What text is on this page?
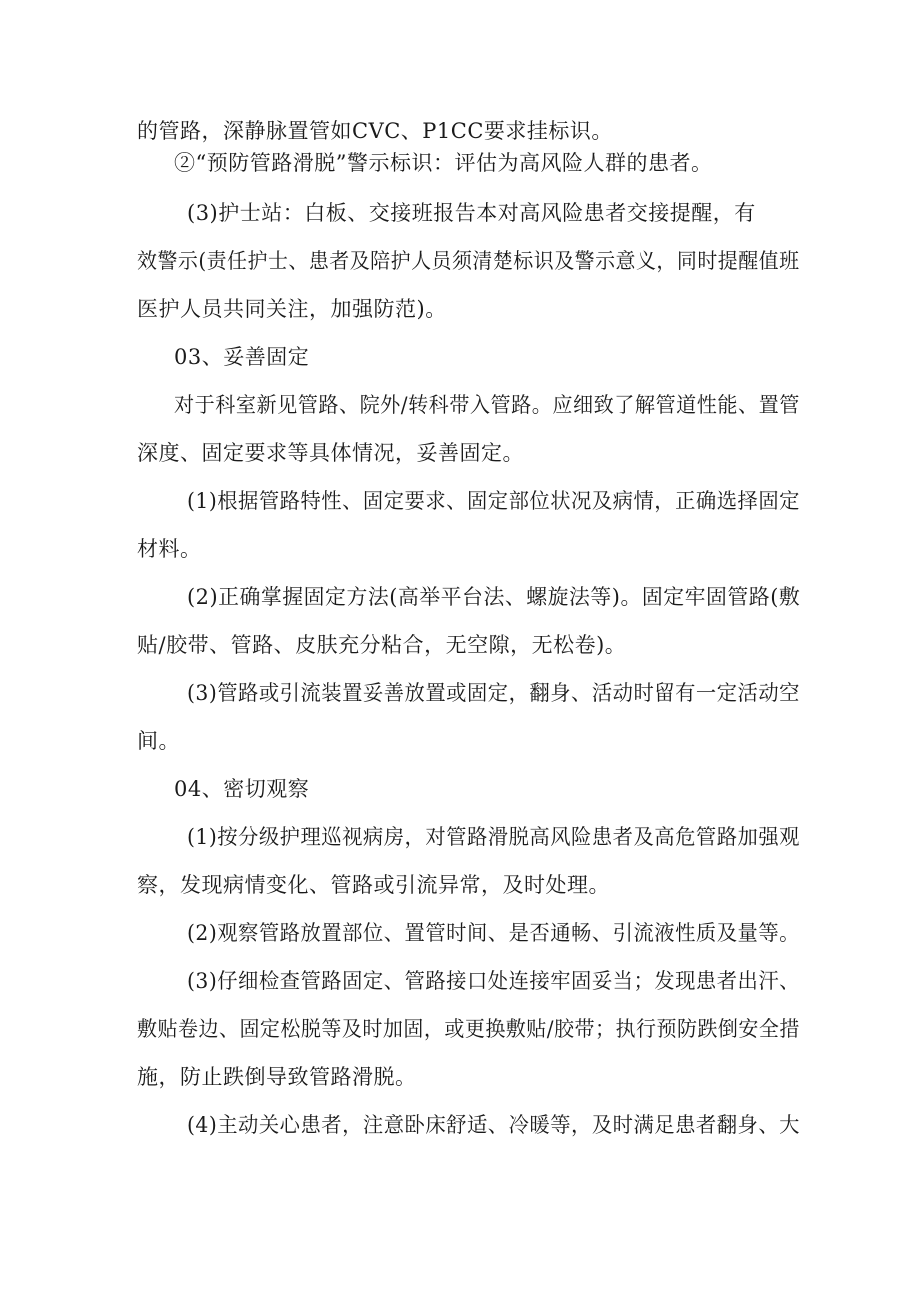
的管路，深静脉置管如CVC、P1CC要求挂标识。
②“预防管路滑脱”警示标识：评估为高风险人群的患者。
(3)护士站：白板、交接班报告本对高风险患者交接提醒，有
效警示(责任护士、患者及陪护人员须清楚标识及警示意义，同时提醒值班
医护人员共同关注，加强防范)。
03、妥善固定
对于科室新见管路、院外/转科带入管路。应细致了解管道性能、置管
深度、固定要求等具体情况，妥善固定。
(1)根据管路特性、固定要求、固定部位状况及病情，正确选择固定
材料。
(2)正确掌握固定方法(高举平台法、螺旋法等)。固定牢固管路(敷
贴/胶带、管路、皮肤充分粘合，无空隙，无松卷)。
(3)管路或引流装置妥善放置或固定，翻身、活动时留有一定活动空
间。
04、密切观察
(1)按分级护理巡视病房，对管路滑脱高风险患者及高危管路加强观
察，发现病情变化、管路或引流异常，及时处理。
(2)观察管路放置部位、置管时间、是否通畅、引流液性质及量等。
(3)仔细检查管路固定、管路接口处连接牢固妥当；发现患者出汗、
敷贴卷边、固定松脱等及时加固，或更换敷贴/胶带；执行预防跌倒安全措
施，防止跌倒导致管路滑脱。
(4)主动关心患者，注意卧床舒适、冷暖等，及时满足患者翻身、大
